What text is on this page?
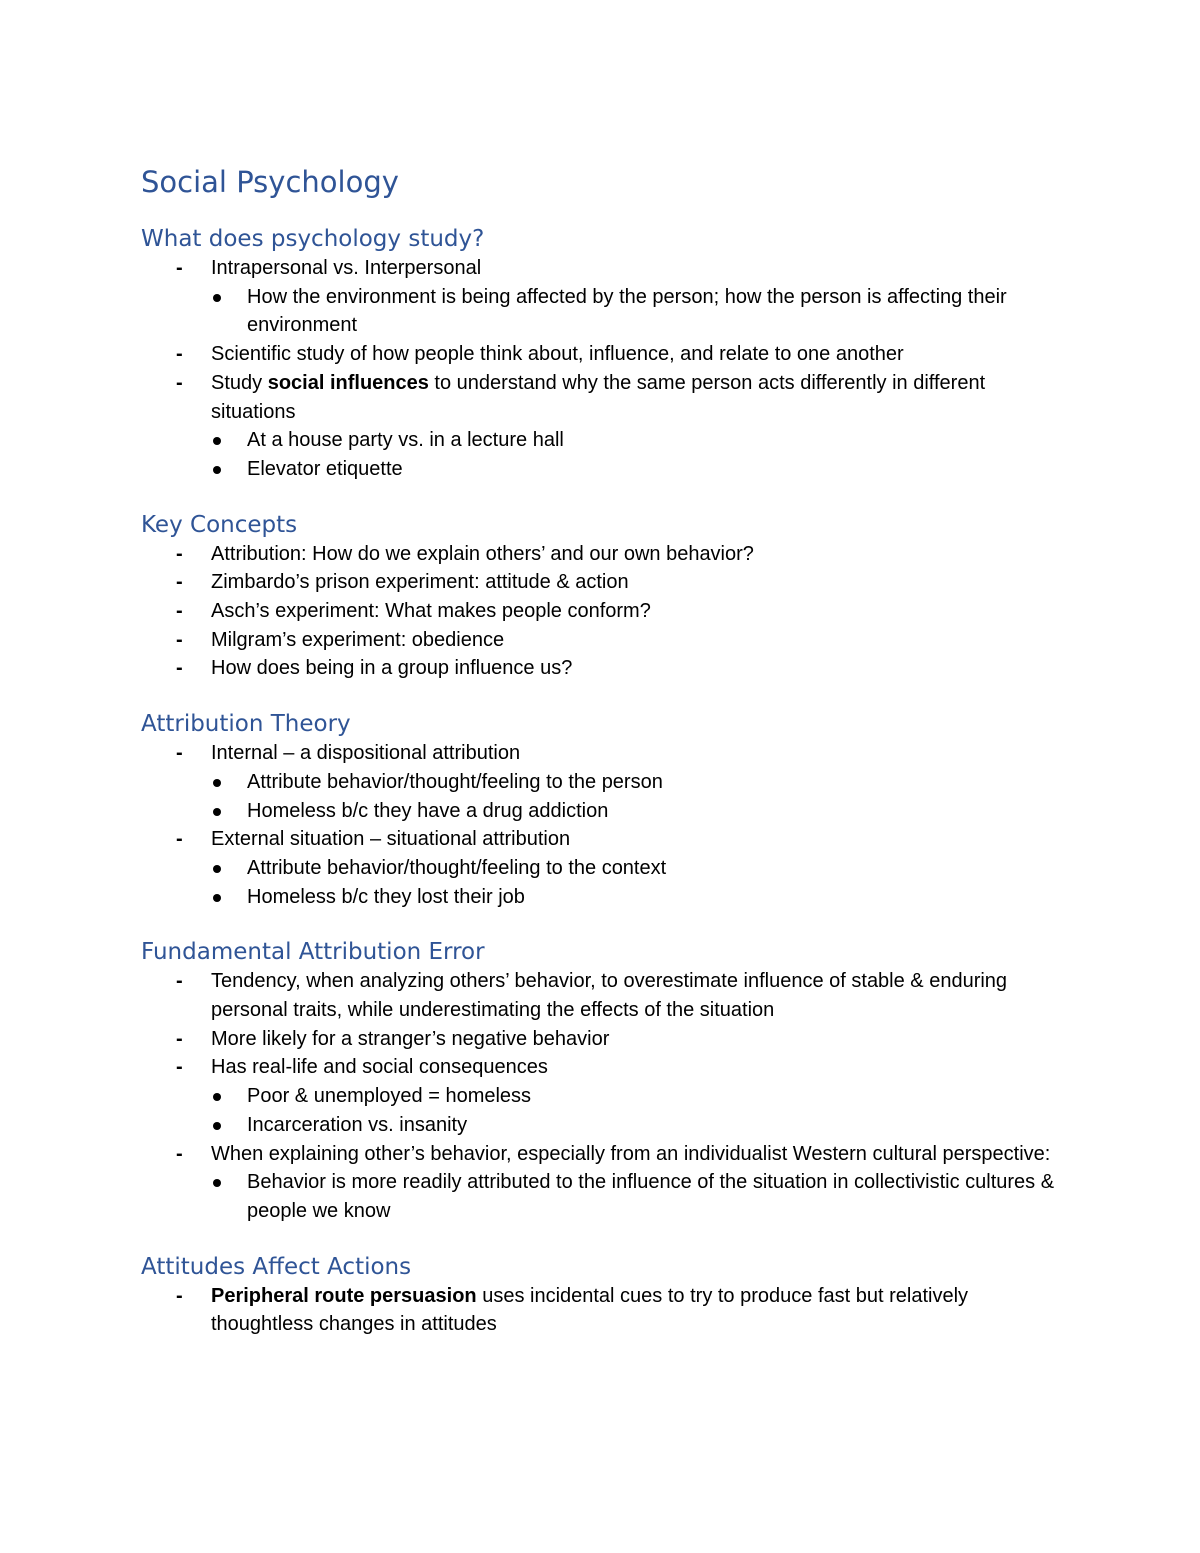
Social Psychology
What does psychology study?
- Intrapersonal vs. Interpersonal
How the environment is being affected by the person; how the person is affecting their environment
- Scientific study of how people think about, influence, and relate to one another
- Study social influences to understand why the same person acts differently in different situations
At a house party vs. in a lecture hall
Elevator etiquette
Key Concepts
- Attribution: How do we explain others’ and our own behavior?
- Zimbardo’s prison experiment: attitude & action
- Asch’s experiment: What makes people conform?
- Milgram’s experiment: obedience
- How does being in a group influence us?
Attribution Theory
- Internal – a dispositional attribution
Attribute behavior/thought/feeling to the person
Homeless b/c they have a drug addiction
- External situation – situational attribution
Attribute behavior/thought/feeling to the context
Homeless b/c they lost their job
Fundamental Attribution Error
- Tendency, when analyzing others’ behavior, to overestimate influence of stable & enduring personal traits, while underestimating the effects of the situation
- More likely for a stranger’s negative behavior
- Has real-life and social consequences
Poor & unemployed = homeless
Incarceration vs. insanity
- When explaining other’s behavior, especially from an individualist Western cultural perspective:
Behavior is more readily attributed to the influence of the situation in collectivistic cultures & people we know
Attitudes Affect Actions
- Peripheral route persuasion uses incidental cues to try to produce fast but relatively thoughtless changes in attitudes
